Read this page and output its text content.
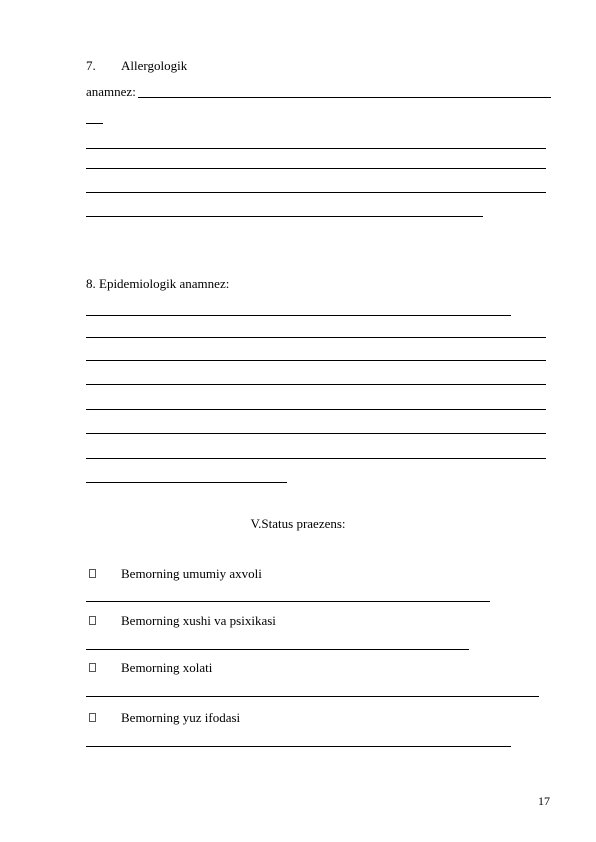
7. Allergologik
anamnez:
8. Epidemiologik anamnez:
V.Status praezens:
Bemorning umumiy axvoli
Bemorning xushi va psixikasi
Bemorning xolati
Bemorning yuz ifodasi
17
